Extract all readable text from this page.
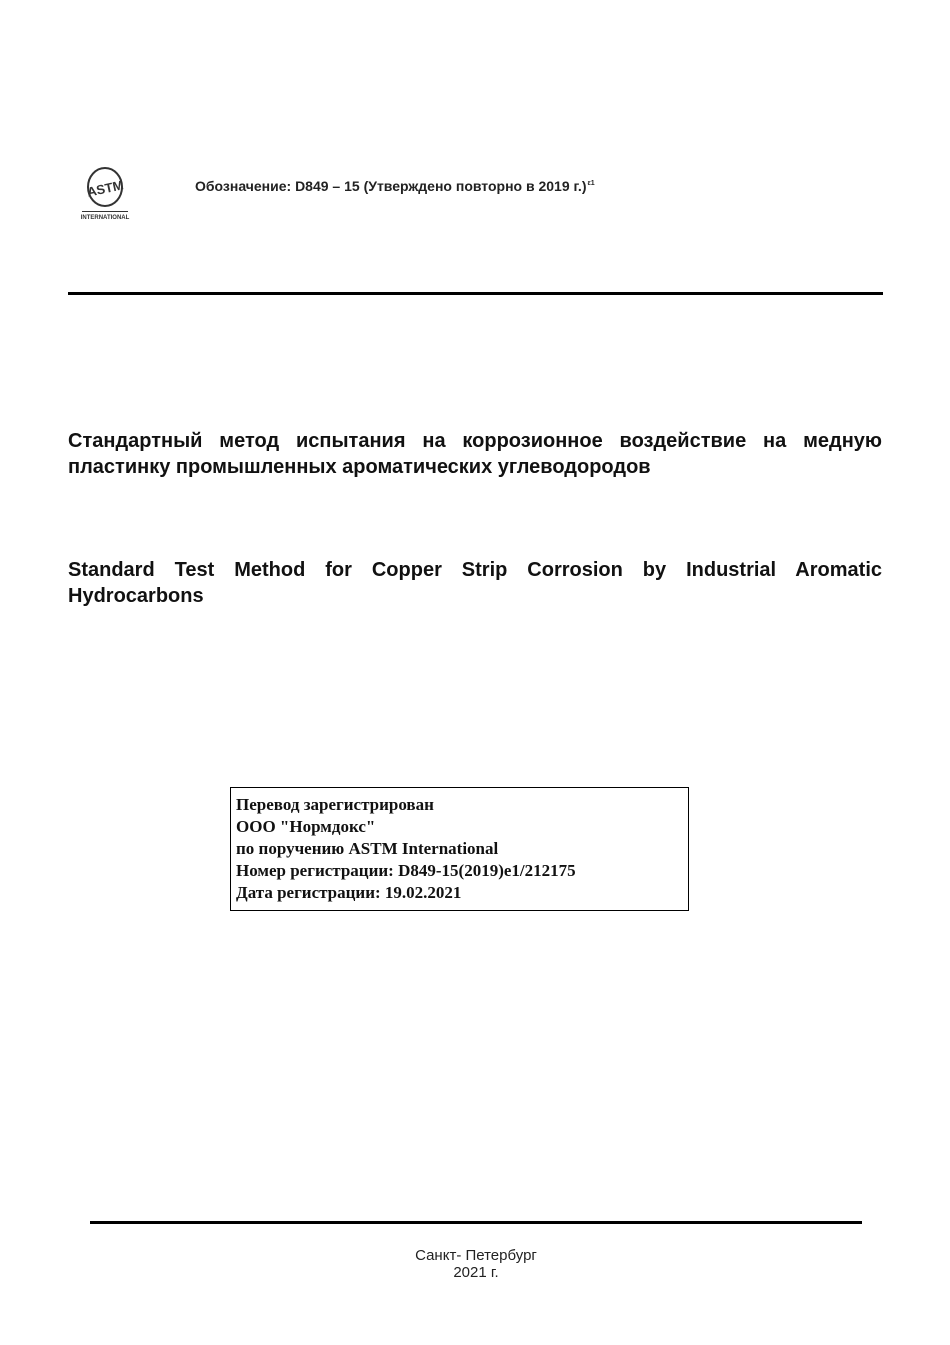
ASTM
INTERNATIONAL
Обозначение: D849 – 15 (Утверждено повторно в 2019 г.)$^{\varepsilon 1}$
Стандартный метод испытания на коррозионное воздействие на медную пластинку промышленных ароматических углеводородов
Standard Test Method for Copper Strip Corrosion by Industrial Aromatic Hydrocarbons
Перевод зарегистрирован
ООО "Нормдокс"
по поручению ASTM International
Номер регистрации: D849-15(2019)e1/212175
Дата регистрации: 19.02.2021
Санкт- Петербург
2021 г.
